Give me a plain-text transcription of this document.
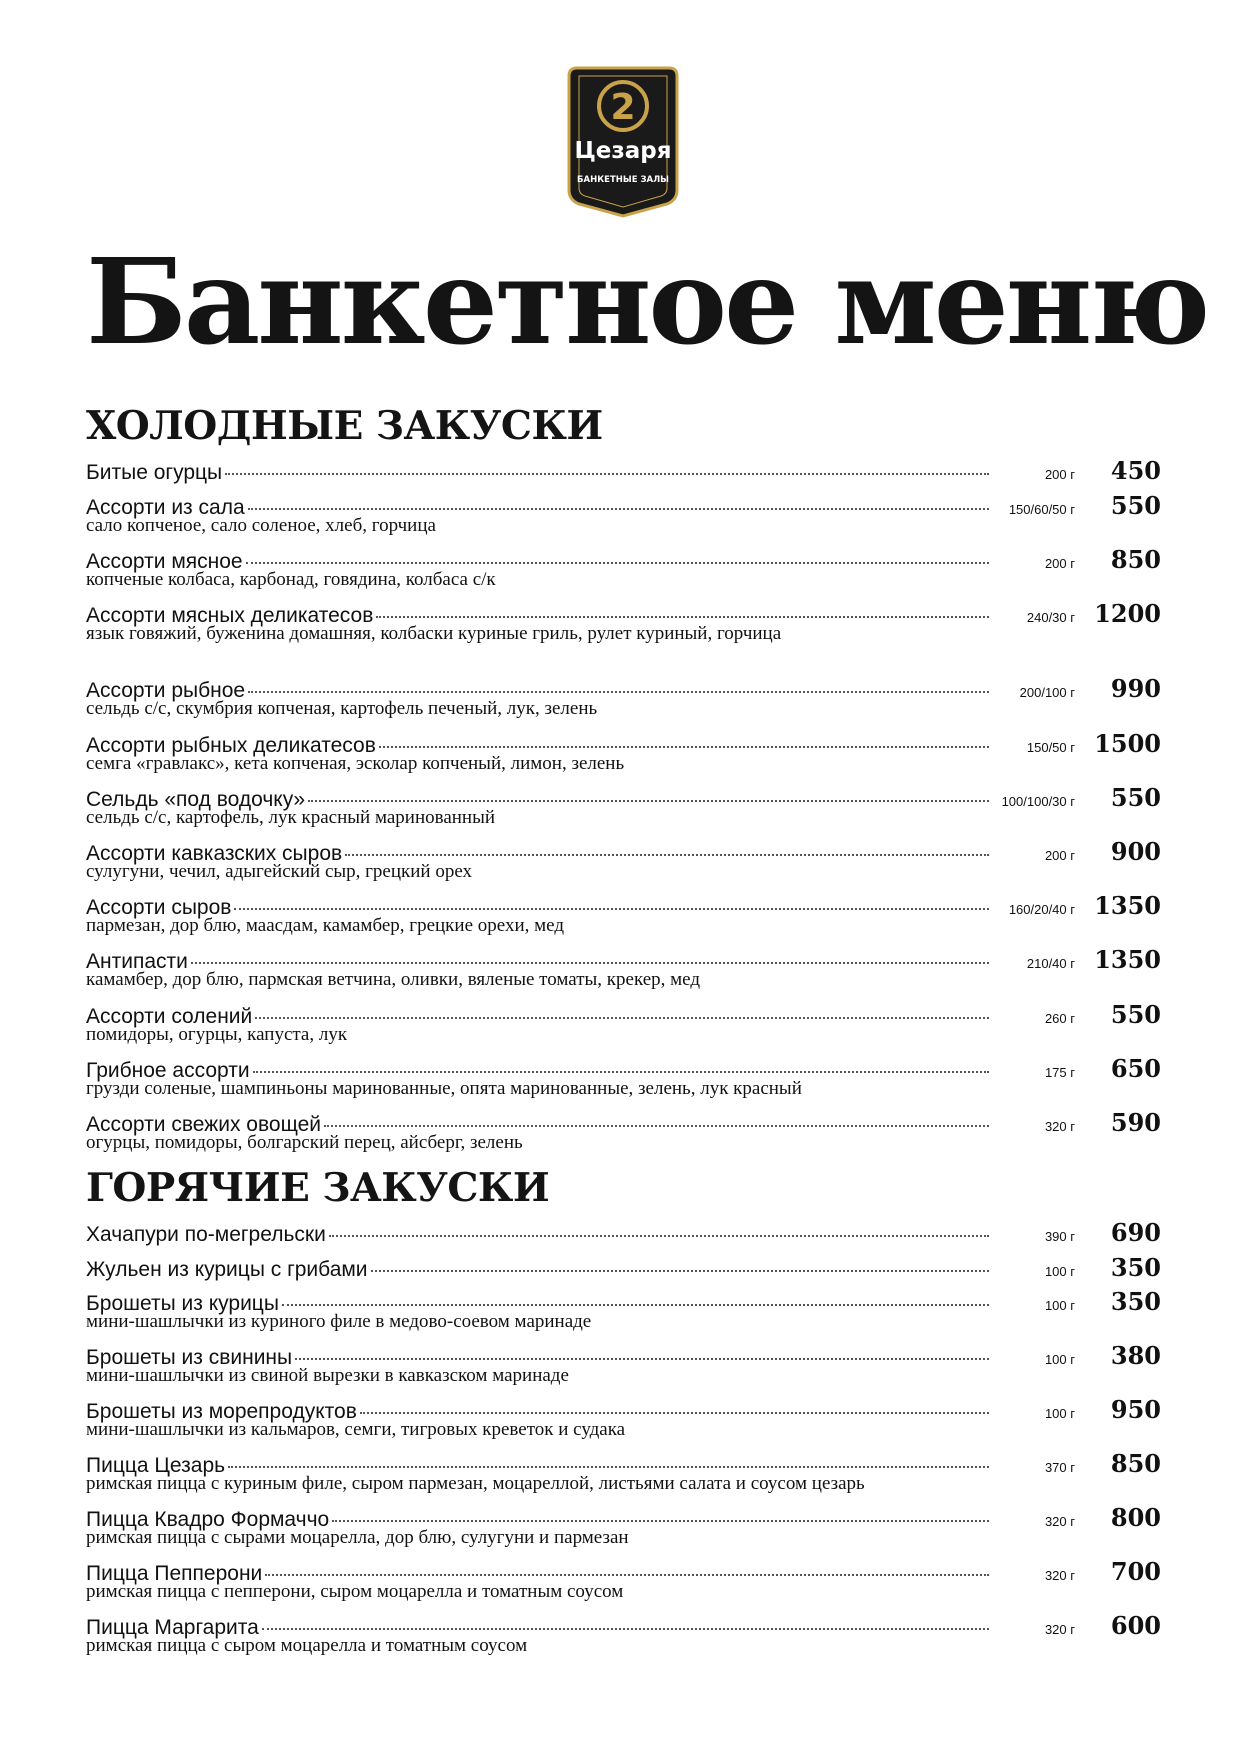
2
Цезаря
БАНКЕТНЫЕ ЗАЛЫ
Банкетное меню
ХОЛОДНЫЕ ЗАКУСКИ
Битые огурцы	200 г	450
Ассорти из сала	150/60/50 г	550
сало копченое, сало соленое, хлеб, горчица
Ассорти мясное	200 г	850
копченые колбаса, карбонад, говядина, колбаса с/к
Ассорти мясных деликатесов	240/30 г 1200
язык говяжий, буженина домашняя, колбаски куриные гриль, рулет куриный, горчица
Ассорти рыбное	200/100 г	990
сельдь с/с, скумбрия копченая, картофель печеный, лук, зелень
Ассорти рыбных деликатесов	150/50 г 1500
семга «гравлакс», кета копченая, эсколар копченый, лимон, зелень
Сельдь «под водочку»	100/100/30 г	550
сельдь с/с, картофель, лук красный маринованный
Ассорти кавказских сыров	200 г	900
сулугуни, чечил, адыгейский сыр, грецкий орех
Ассорти сыров	160/20/40 г 1350
пармезан, дор блю, маасдам, камамбер, грецкие орехи, мед
Антипасти	210/40 г 1350
камамбер, дор блю, пармская ветчина, оливки, вяленые томаты, крекер, мед
Ассорти солений	260 г	550
помидоры, огурцы, капуста, лук
Грибное ассорти	175 г	650
грузди соленые, шампиньоны маринованные, опята маринованные, зелень, лук красный
Ассорти свежих овощей	320 г	590
огурцы, помидоры, болгарский перец, айсберг, зелень
ГОРЯЧИЕ ЗАКУСКИ
Хачапури по-мегрельски	390 г	690
Жульен из курицы с грибами	100 г	350
Брошеты из курицы	100 г	350
мини-шашлычки из куриного филе в медово-соевом маринаде
Брошеты из свинины	100 г	380
мини-шашлычки из свиной вырезки в кавказском маринаде
Брошеты из морепродуктов	100 г	950
мини-шашлычки из кальмаров, семги, тигровых креветок и судака
Пицца Цезарь	370 г	850
римская пицца с куриным филе, сыром пармезан, моцареллой, листьями салата и соусом цезарь
Пицца Квадро Формаччо	320 г	800
римская пицца с сырами моцарелла, дор блю, сулугуни и пармезан
Пицца Пепперони	320 г	700
римская пицца с пепперони, сыром моцарелла и томатным соусом
Пицца Маргарита	320 г	600
римская пицца с сыром моцарелла и томатным соусом
